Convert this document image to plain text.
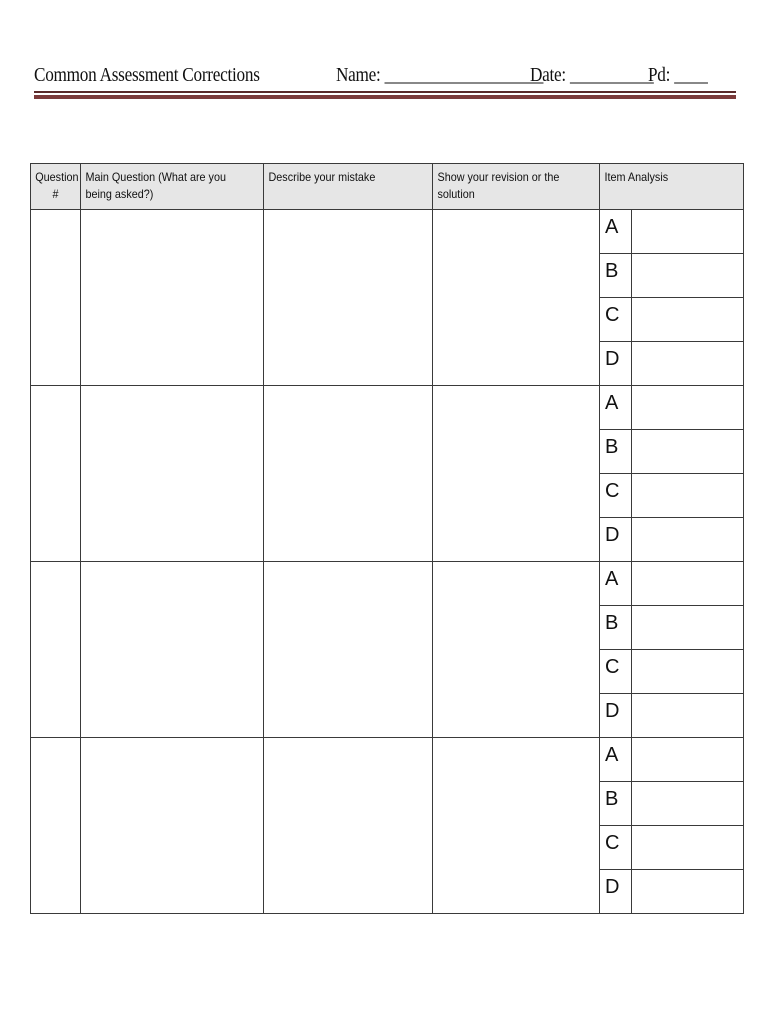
Common Assessment Corrections	Name: ___________________
Date: __________
Pd: ____
Question #	Main Question (What are you being asked?)	Describe your mistake	Show your revision or the solution	Item Analysis	

				A	
				B	
				C	
				D	
				A	
				B	
				C	
				D	
				A	
				B	
				C	
				D	
				A	
				B	
				C	
				D	
